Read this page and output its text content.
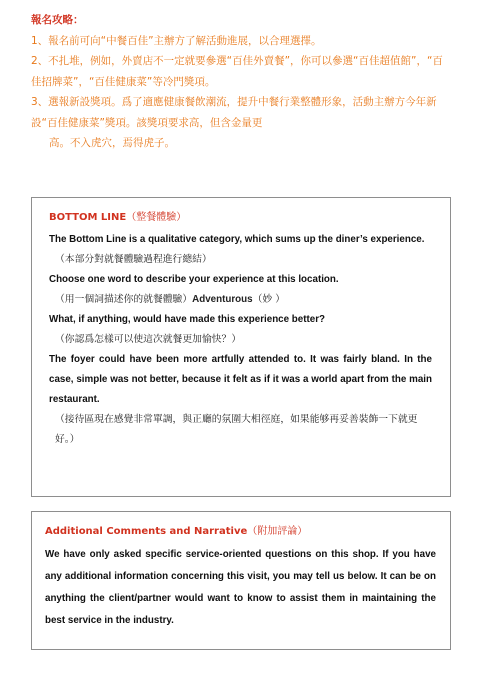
報名攻略：

1、報名前可向“中餐百佳”主辦方了解活動進展，以合理選擇。

2、不扎堆，例如，外賣店不一定就要參選“百佳外賣餐”，你可以參選“百佳超值館”，“百佳招牌菜”，“百佳健康菜”等冷門獎項。

3、選報新設獎項。爲了適應健康餐飲潮流，提升中餐行業整體形象，活動主辦方今年新設“百佳健康菜”獎項。該獎項要求高，但含金量更

高。不入虎穴，焉得虎子。

BOTTOM LINE（整餐體驗）

The Bottom Line is a qualitative category, which sums up the diner’s experience.

（本部分對就餐體驗過程進行總結）

Choose one word to describe your experience at this location.

（用一個詞描述你的就餐體驗）Adventurous（妙 ）

What, if anything, would have made this experience better?

（你認爲怎樣可以使這次就餐更加愉快？）

The foyer could have been more artfully attended to. It was fairly bland. In the case, simple was not better, because it felt as if it was a world apart from the main restaurant.

（接待區現在感覺非常單調，與正廳的氛圍大相徑庭，如果能够再妥善裝飾一下就更好。）

Additional Comments and Narrative（附加評論）

We have only asked specific service-oriented questions on this shop. If you have any additional information concerning this visit, you may tell us below. It can be on anything the client/partner would want to know to assist them in maintaining the best service in the industry.
